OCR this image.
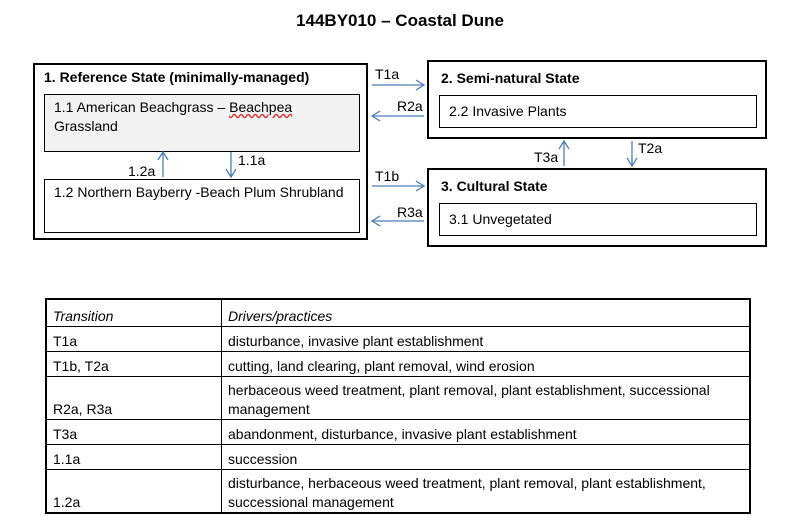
144BY010 – Coastal Dune
1. Reference State (minimally-managed)
1.1 American Beachgrass – Beachpea
Grassland
1.2 Northern Bayberry -Beach Plum Shrubland
1.2a
1.1a
2. Semi-natural State
2.2 Invasive Plants
3. Cultural State
3.1 Unvegetated
T1a
R2a
T1b
R3a
T3a
T2a
Transition	Drivers/practices
T1a	disturbance, invasive plant establishment
T1b, T2a	cutting, land clearing, plant removal, wind erosion
R2a, R3a	herbaceous weed treatment, plant removal, plant establishment, successional management
T3a	abandonment, disturbance, invasive plant establishment
1.1a	succession
1.2a	disturbance, herbaceous weed treatment, plant removal, plant establishment, successional management
